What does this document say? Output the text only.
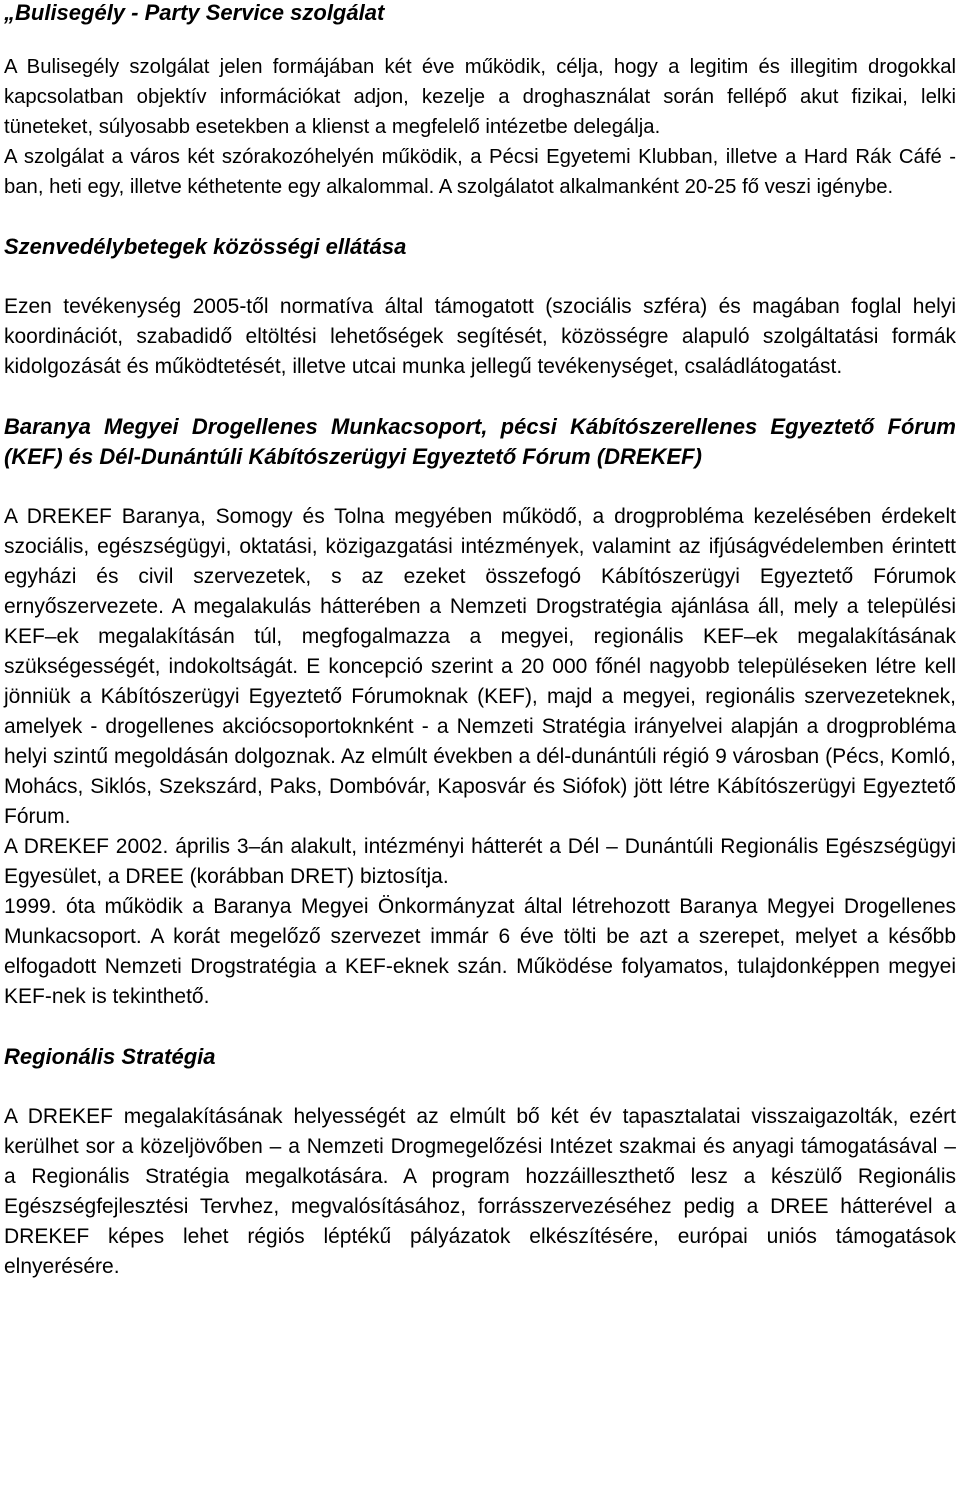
„Bulisegély - Party Service szolgálat

A Bulisegély szolgálat jelen formájában két éve működik, célja, hogy a legitim és illegitim drogokkal kapcsolatban objektív információkat adjon, kezelje a droghasználat során fellépő akut fizikai, lelki tüneteket, súlyosabb esetekben a klienst a megfelelő intézetbe delegálja.

A szolgálat a város két szórakozóhelyén működik, a Pécsi Egyetemi Klubban, illetve a Hard Rák Cáfé - ban, heti egy, illetve kéthetente egy alkalommal. A szolgálatot alkalmanként 20-25 fő veszi igénybe.

Szenvedélybetegek közösségi ellátása

Ezen tevékenység 2005-től normatíva által támogatott (szociális szféra) és magában foglal helyi koordinációt, szabadidő eltöltési lehetőségek segítését, közösségre alapuló szolgáltatási formák kidolgozását és működtetését, illetve utcai munka jellegű tevékenységet, családlátogatást.

Baranya Megyei Drogellenes Munkacsoport, pécsi Kábítószerellenes Egyeztető Fórum (KEF) és Dél-Dunántúli Kábítószerügyi Egyeztető Fórum (DREKEF)

A DREKEF Baranya, Somogy és Tolna megyében működő, a drogprobléma kezelésében érdekelt szociális, egészségügyi, oktatási, közigazgatási intézmények, valamint az ifjúságvédelemben érintett egyházi és civil szervezetek, s az ezeket összefogó Kábítószerügyi Egyeztető Fórumok ernyőszervezete. A megalakulás hátterében a Nemzeti Drogstratégia ajánlása áll, mely a települési KEF–ek megalakításán túl, megfogalmazza a megyei, regionális KEF–ek megalakításának szükségességét, indokoltságát. E koncepció szerint a 20 000 főnél nagyobb településeken létre kell jönniük a Kábítószerügyi Egyeztető Fórumoknak (KEF), majd a megyei, regionális szervezeteknek, amelyek - drogellenes akciócsoportoknként - a Nemzeti Stratégia irányelvei alapján a drogprobléma helyi szintű megoldásán dolgoznak. Az elmúlt években a dél-dunántúli régió 9 városban (Pécs, Komló, Mohács, Siklós, Szekszárd, Paks, Dombóvár, Kaposvár és Siófok) jött létre Kábítószerügyi Egyeztető Fórum.

A DREKEF 2002. április 3–án alakult, intézményi hátterét a Dél – Dunántúli Regionális Egészségügyi Egyesület, a DREE (korábban DRET) biztosítja.

1999. óta működik a Baranya Megyei Önkormányzat által létrehozott Baranya Megyei Drogellenes Munkacsoport. A korát megelőző szervezet immár 6 éve tölti be azt a szerepet, melyet a később elfogadott Nemzeti Drogstratégia a KEF-eknek szán. Működése folyamatos, tulajdonképpen megyei KEF-nek is tekinthető.

Regionális Stratégia

A DREKEF megalakításának helyességét az elmúlt bő két év tapasztalatai visszaigazolták, ezért kerülhet sor a közeljövőben – a Nemzeti Drogmegelőzési Intézet szakmai és anyagi támogatásával – a Regionális Stratégia megalkotására. A program hozzáilleszthető lesz a készülő Regionális Egészségfejlesztési Tervhez, megvalósításához, forrásszervezéséhez pedig a DREE hátterével a DREKEF képes lehet régiós léptékű pályázatok elkészítésére, európai uniós támogatások elnyerésére.
